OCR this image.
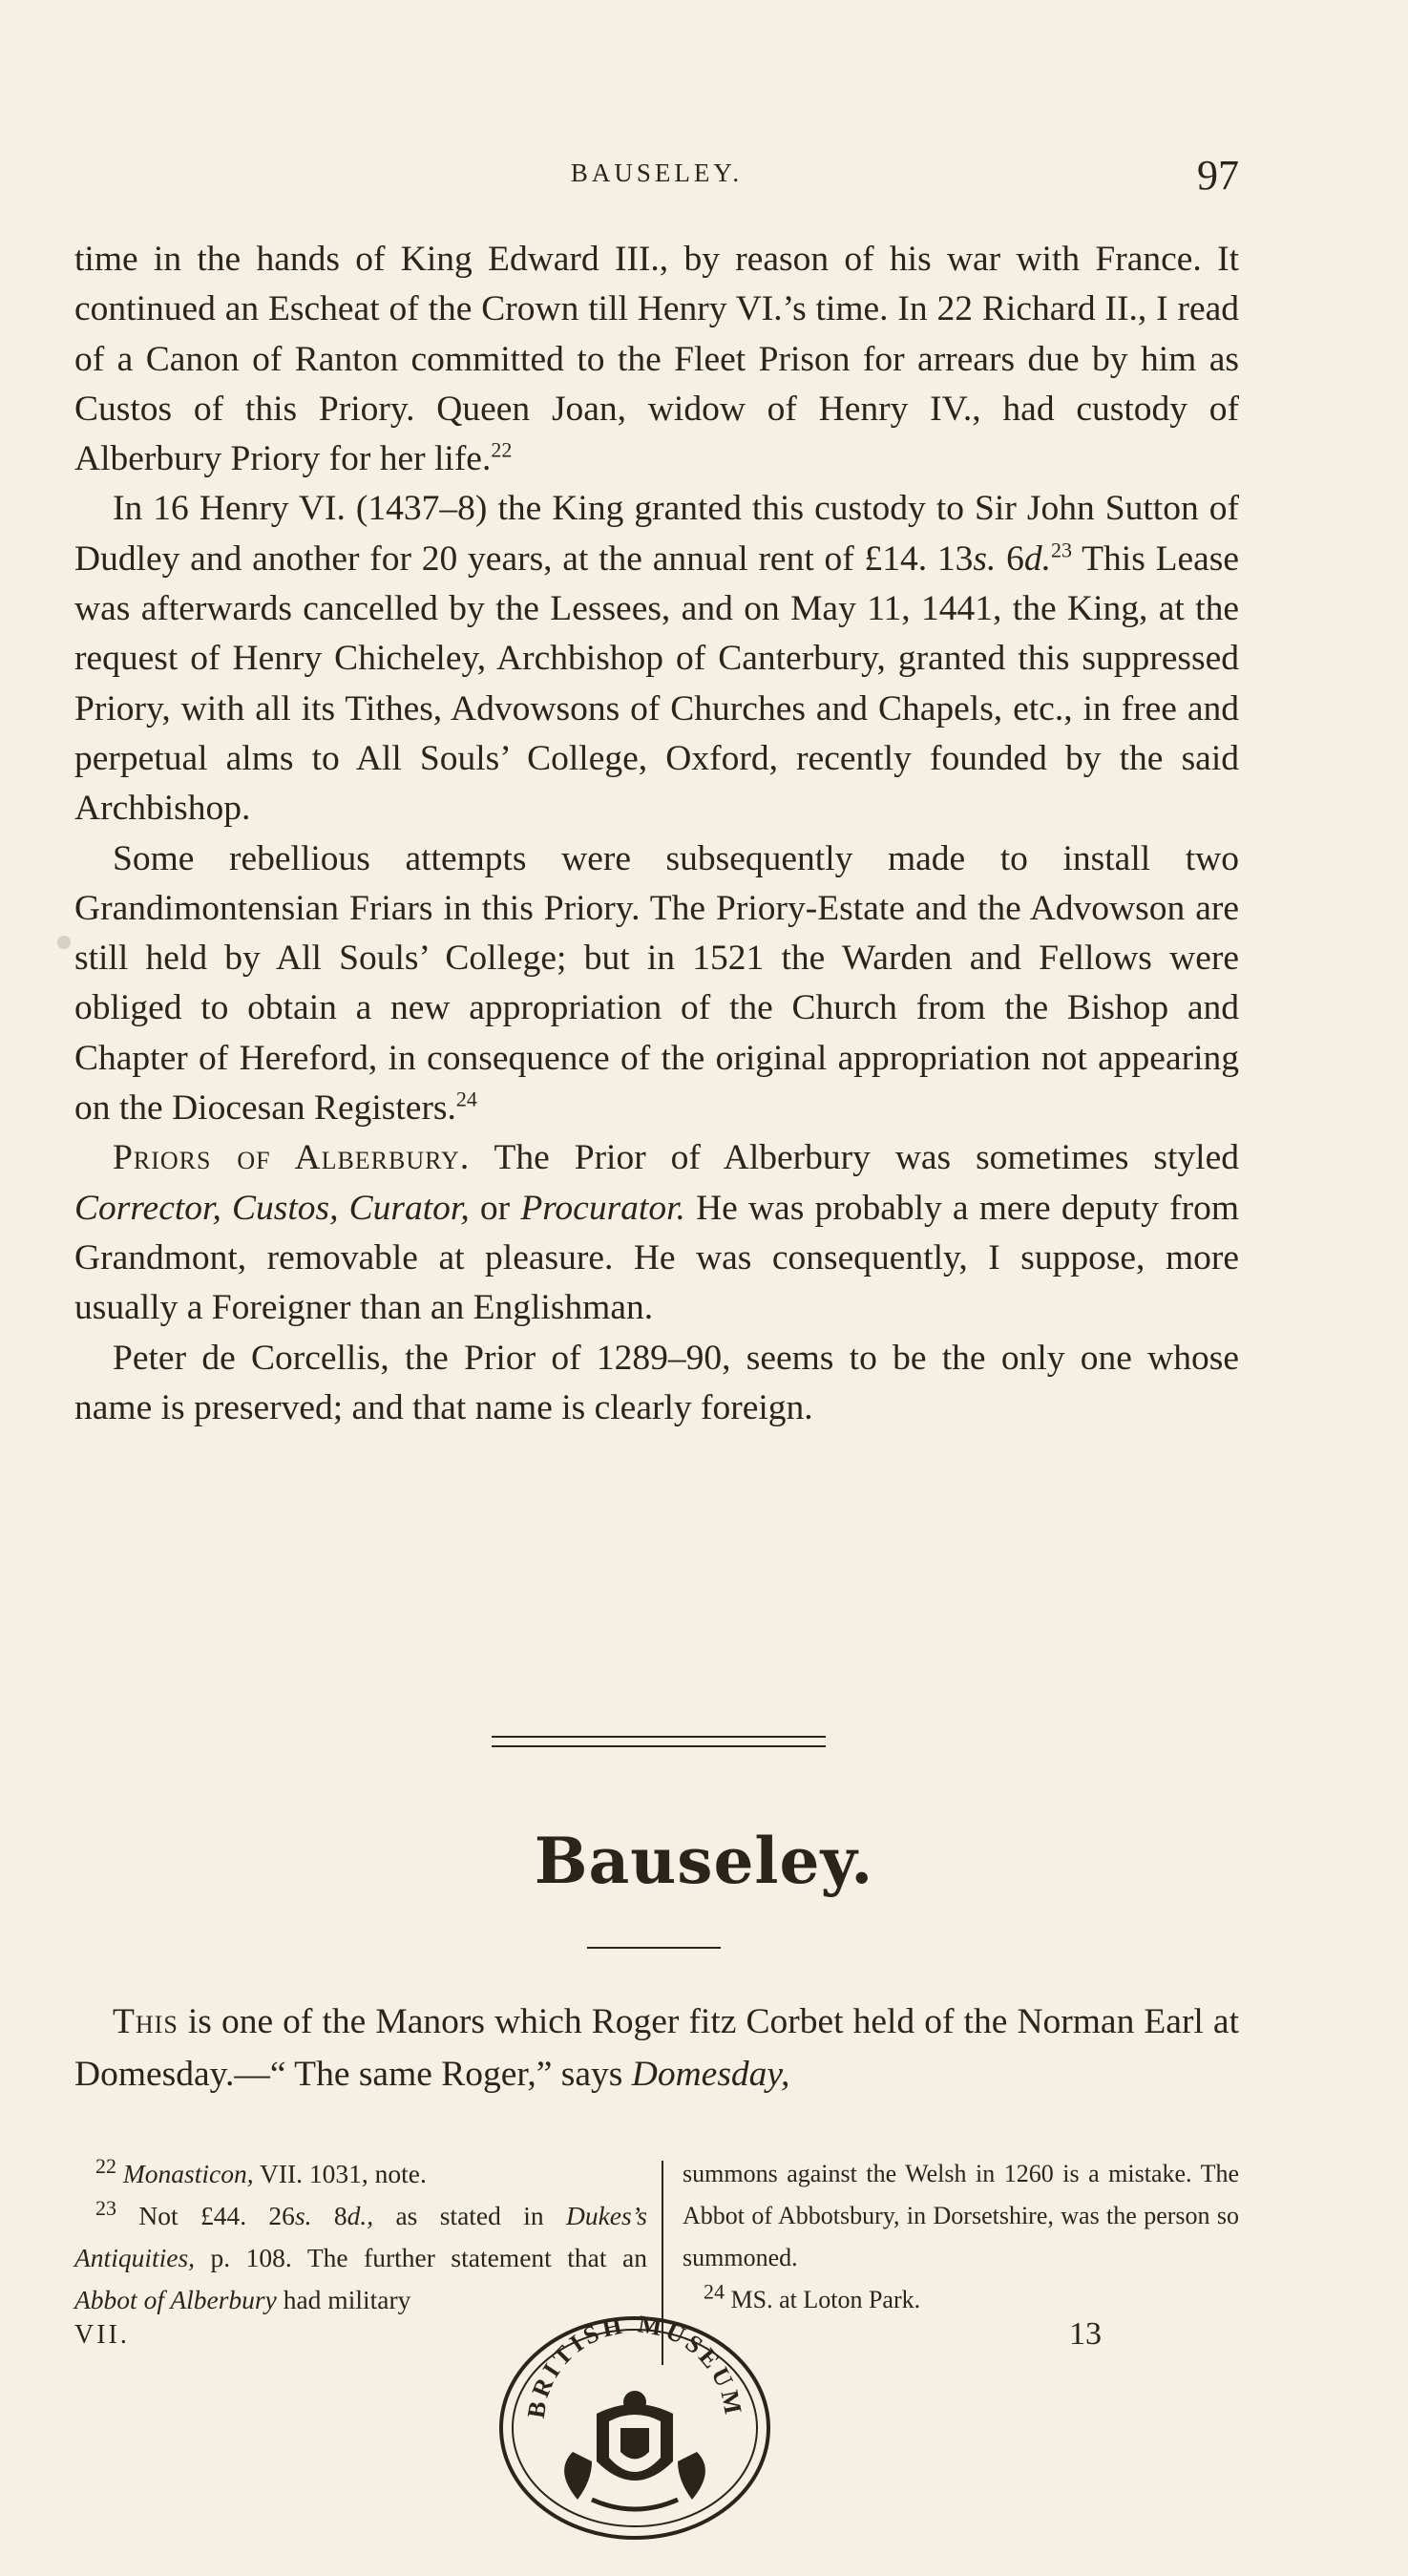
BAUSELEY.	97

time in the hands of King Edward III., by reason of his war with France. It continued an Escheat of the Crown till Henry VI.’s time. In 22 Richard II., I read of a Canon of Ranton committed to the Fleet Prison for arrears due by him as Custos of this Priory. Queen Joan, widow of Henry IV., had custody of Alberbury Priory for her life.$^{22}$

In 16 Henry VI. (1437–8) the King granted this custody to Sir John Sutton of Dudley and another for 20 years, at the annual rent of £14. 13s. 6d.$^{23}$ This Lease was afterwards cancelled by the Lessees, and on May 11, 1441, the King, at the request of Henry Chicheley, Archbishop of Canterbury, granted this suppressed Priory, with all its Tithes, Advowsons of Churches and Chapels, etc., in free and perpetual alms to All Souls’ College, Oxford, recently founded by the said Archbishop.

Some rebellious attempts were subsequently made to install two Grandimontensian Friars in this Priory. The Priory-Estate and the Advowson are still held by All Souls’ College; but in 1521 the Warden and Fellows were obliged to obtain a new appropriation of the Church from the Bishop and Chapter of Hereford, in consequence of the original appropriation not appearing on the Diocesan Registers.$^{24}$

Priors of Alberbury. The Prior of Alberbury was sometimes styled Corrector, Custos, Curator, or Procurator. He was probably a mere deputy from Grandmont, removable at pleasure. He was consequently, I suppose, more usually a Foreigner than an Englishman.

Peter de Corcellis, the Prior of 1289–90, seems to be the only one whose name is preserved; and that name is clearly foreign.

Bauseley.

This is one of the Manors which Roger fitz Corbet held of the Norman Earl at Domesday.—“ The same Roger,” says Domesday,

$^{22}$ Monasticon, VII. 1031, note.

$^{23}$ Not £44. 26s. 8d., as stated in Dukes’s Antiquities, p. 108. The further statement that an Abbot of Alberbury had military

summons against the Welsh in 1260 is a mistake. The Abbot of Abbotsbury, in Dorsetshire, was the person so summoned.

$^{24}$ MS. at Loton Park.

VII.	13
BRITISH MUSEUM
